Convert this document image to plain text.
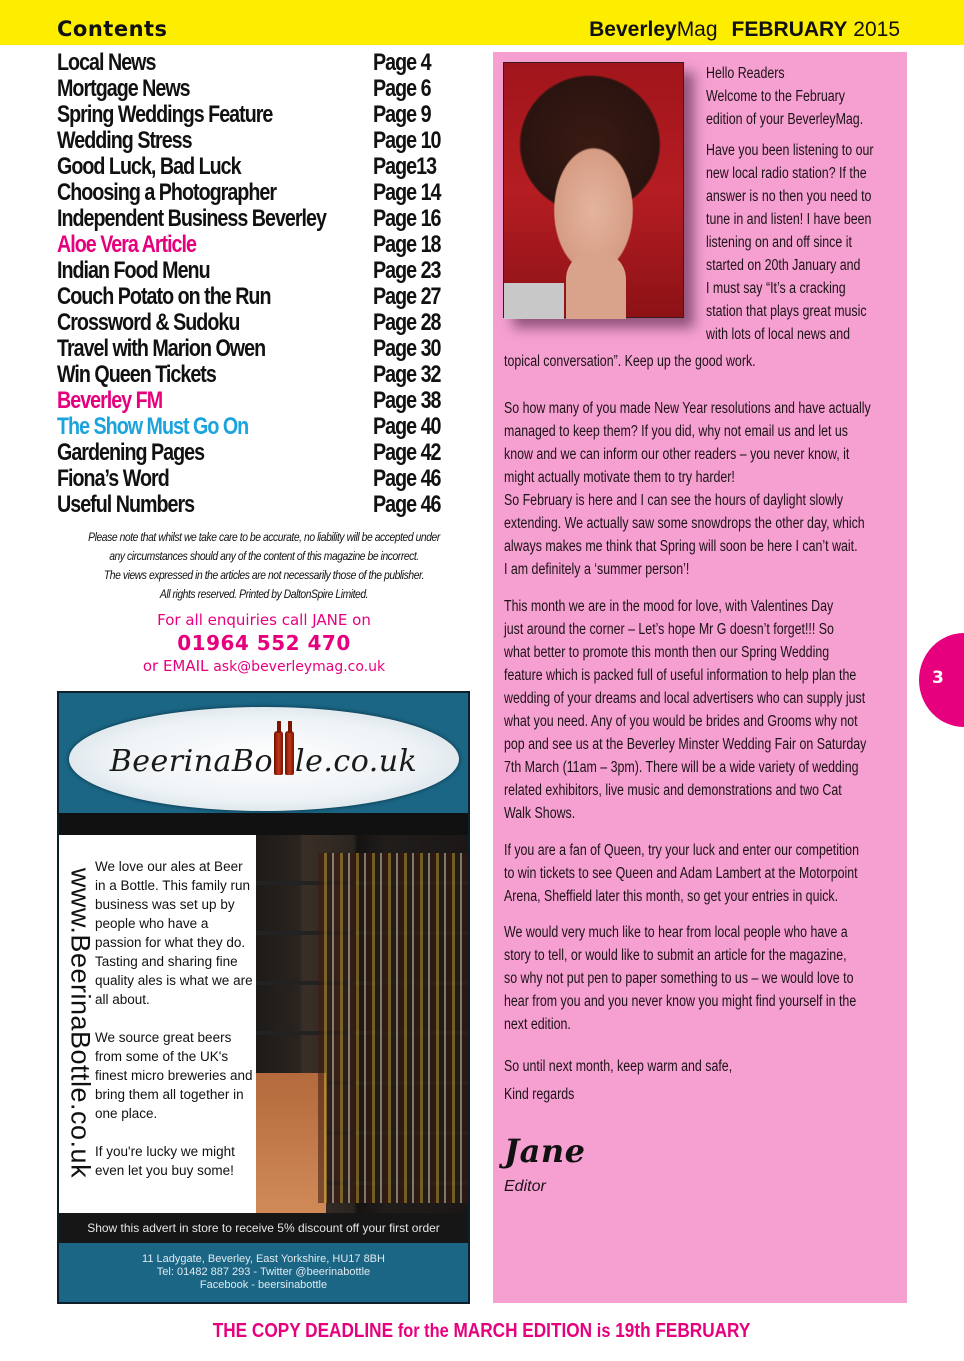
Contents	BeverleyMag FEBRUARY 2015
Local News	Page 4
Mortgage News	Page 6
Spring Weddings Feature	Page 9
Wedding Stress	Page 10
Good Luck, Bad Luck	Page13
Choosing a Photographer	Page 14
Independent Business Beverley Page 16
Aloe Vera Article	Page 18
Indian Food Menu	Page 23
Couch Potato on the Run	Page 27
Crossword & Sudoku	Page 28
Travel with Marion Owen	Page 30
Win Queen Tickets	Page 32
Beverley FM	Page 38
The Show Must Go On	Page 40
Gardening Pages	Page 42
Fiona’s Word	Page 46
Useful Numbers	Page 46
Please note that whilst we take care to be accurate, no liability will be accepted under
any circumstances should any of the content of this magazine be incorrect.
The views expressed in the articles are not necessarily those of the publisher.
All rights reserved. Printed by DaltonSpire Limited.
For all enquiries call JANE on
01964 552 470
or EMAIL ask@beverleymag.co.uk
BeerinaBo le.co.uk
www.BeerinaBottle.co.uk

We love our ales at Beer in a Bottle. This family run business was set up by people who have a passion for what they do. Tasting and sharing fine quality ales is what we are all about.

We source great beers from some of the UK's finest micro breweries and bring them all together in one place.

If you're lucky we might even let you buy some!

Show this advert in store to receive 5% discount off your first order
11 Ladygate, Beverley, East Yorkshire, HU17 8BH
Tel: 01482 887 293 - Twitter @beerinabottle
Facebook - beersinabottle
Hello Readers
Welcome to the February
edition of your BeverleyMag.
Have you been listening to our
new local radio station? If the
answer is no then you need to
tune in and listen! I have been
listening on and off since it
started on 20th January and
I must say “It’s a cracking
station that plays great music
with lots of local news and
topical conversation”. Keep up the good work.
So how many of you made New Year resolutions and have actually
managed to keep them? If you did, why not email us and let us
know and we can inform our other readers – you never know, it
might actually motivate them to try harder!
So February is here and I can see the hours of daylight slowly
extending. We actually saw some snowdrops the other day, which
always makes me think that Spring will soon be here I can’t wait.
I am definitely a ‘summer person’!
This month we are in the mood for love, with Valentines Day
just around the corner – Let’s hope Mr G doesn’t forget!!! So
what better to promote this month then our Spring Wedding
feature which is packed full of useful information to help plan the
wedding of your dreams and local advertisers who can supply just
what you need. Any of you would be brides and Grooms why not
pop and see us at the Beverley Minster Wedding Fair on Saturday
7th March (11am – 3pm). There will be a wide variety of wedding
related exhibitors, live music and demonstrations and two Cat
Walk Shows.
If you are a fan of Queen, try your luck and enter our competition
to win tickets to see Queen and Adam Lambert at the Motorpoint
Arena, Sheffield later this month, so get your entries in quick.
We would very much like to hear from local people who have a
story to tell, or would like to submit an article for the magazine,
so why not put pen to paper something to us – we would love to
hear from you and you never know you might find yourself in the
next edition.
So until next month, keep warm and safe,
Kind regards
Jane
Editor
3
THE COPY DEADLINE for the MARCH EDITION is 19th FEBRUARY
